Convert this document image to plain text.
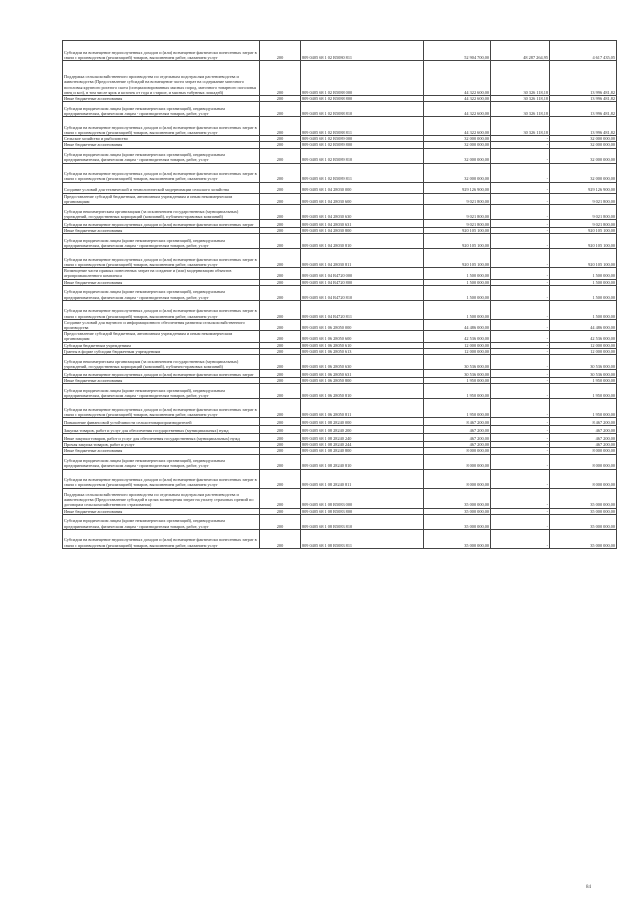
Субсидии на возмещение недополученных доходов и (или) возмещение фактически понесенных затрат в связи с производством (реализацией) товаров, выполнением работ, оказанием услуг	200	809 0405 68 1 02 R5080 811	52 904 700,00	48 287 264,95	4 617 435,05
Поддержка сельскохозяйственного производства по отдельным подотраслям растениеводства и животноводства (Предоставление субсидий на возмещение части затрат на содержание маточного поголовья крупного рогатого скота (специализированных мясных пород, маточного товарного поголовья овец и коз), в том числе ярок и козочек от года и старше, и мясных табунных лошадей)	200	809 0405 68 1 02 R5088 000	44 322 600,00	30 326 118,18	13 996 481,82
Иные бюджетные ассигнования	200	809 0405 68 1 02 R5088 800	44 322 600,00	30 326 118,18	13 996 481,82
Субсидии юридическим лицам (кроме некоммерческих организаций), индивидуальным предпринимателям, физическим лицам - производителям товаров, работ, услуг	200	809 0405 68 1 02 R5088 810	44 322 600,00	30 326 118,18	13 996 481,82
Субсидии на возмещение недополученных доходов и (или) возмещение фактически понесенных затрат в связи с производством (реализацией) товаров, выполнением работ, оказанием услуг	200	809 0405 68 1 02 R5088 811	44 322 600,00	30 326 118,18	13 996 481,82
Сельское хозяйство и рыболовство	200	809 0405 68 1 02 R5089 000	32 000 000,00	-	32 000 000,00
Иные бюджетные ассигнования	200	809 0405 68 1 02 R5089 800	32 000 000,00	-	32 000 000,00
Субсидии юридическим лицам (кроме некоммерческих организаций), индивидуальным предпринимателям, физическим лицам - производителям товаров, работ, услуг	200	809 0405 68 1 02 R5089 810	32 000 000,00	-	32 000 000,00
Субсидии на возмещение недополученных доходов и (или) возмещение фактически понесенных затрат в связи с производством (реализацией) товаров, выполнением работ, оказанием услуг	200	809 0405 68 1 02 R5089 811	32 000 000,00	-	32 000 000,00
Создание условий для технической и технологической модернизации сельского хозяйства	200	809 0405 68 1 04 28030 000	929 126 900,00	-	929 126 900,00
Предоставление субсидий бюджетным, автономным учреждениям и иным некоммерческим организациям	200	809 0405 68 1 04 28030 600	9 021 800,00	-	9 021 800,00
Субсидии некоммерческим организациям (за исключением государственных (муниципальных) учреждений, государственных корпораций (компаний), публично-правовых компаний)	200	809 0405 68 1 04 28030 630	9 021 800,00	-	9 021 800,00
Субсидии на возмещение недополученных доходов и (или) возмещение фактически понесенных затрат	200	809 0405 68 1 04 28030 631	9 021 800,00	-	9 021 800,00
Иные бюджетные ассигнования	200	809 0405 68 1 04 28030 800	920 105 100,00	-	920 105 100,00
Субсидии юридическим лицам (кроме некоммерческих организаций), индивидуальным предпринимателям, физическим лицам - производителям товаров, работ, услуг	200	809 0405 68 1 04 28030 810	920 105 100,00	-	920 105 100,00
Субсидии на возмещение недополученных доходов и (или) возмещение фактически понесенных затрат в связи с производством (реализацией) товаров, выполнением работ, оказанием услуг	200	809 0405 68 1 04 28030 811	920 105 100,00	-	920 105 100,00
Возмещение части прямых понесенных затрат на создание и (или) модернизацию объектов агропромышленного комплекса	200	809 0405 68 1 04 R4720 000	1 500 000,00	-	1 500 000,00
Иные бюджетные ассигнования	200	809 0405 68 1 04 R4720 800	1 500 000,00	-	1 500 000,00
Субсидии юридическим лицам (кроме некоммерческих организаций), индивидуальным предпринимателям, физическим лицам - производителям товаров, работ, услуг	200	809 0405 68 1 04 R4720 810	1 500 000,00	-	1 500 000,00
Субсидии на возмещение недополученных доходов и (или) возмещение фактически понесенных затрат в связи с производством (реализацией) товаров, выполнением работ, оказанием услуг	200	809 0405 68 1 04 R4720 811	1 500 000,00	-	1 500 000,00
Создание условий для научного и информационного обеспечения развития сельскохозяйственного производства	200	809 0405 68 1 06 28050 000	44 486 000,00	-	44 486 000,00
Предоставление субсидий бюджетным, автономным учреждениям и иным некоммерческим организациям	200	809 0405 68 1 06 28050 600	42 536 000,00	-	42 536 000,00
Субсидии бюджетным учреждениям	200	809 0405 68 1 06 28050 610	12 000 000,00	-	12 000 000,00
Гранты в форме субсидии бюджетным учреждениям	200	809 0405 68 1 06 28050 613	12 000 000,00	-	12 000 000,00
Субсидии некоммерческим организациям (за исключением государственных (муниципальных) учреждений, государственных корпораций (компаний), публично-правовых компаний)	200	809 0405 68 1 06 28050 630	30 536 000,00	-	30 536 000,00
Субсидии на возмещение недополученных доходов и (или) возмещение фактически понесенных затрат	200	809 0405 68 1 06 28050 631	30 536 000,00	-	30 536 000,00
Иные бюджетные ассигнования	200	809 0405 68 1 06 28050 800	1 950 000,00	-	1 950 000,00
Субсидии юридическим лицам (кроме некоммерческих организаций), индивидуальным предпринимателям, физическим лицам - производителям товаров, работ, услуг	200	809 0405 68 1 06 28050 810	1 950 000,00	-	1 950 000,00
Субсидии на возмещение недополученных доходов и (или) возмещение фактически понесенных затрат в связи с производством (реализацией) товаров, выполнением работ, оказанием услуг	200	809 0405 68 1 06 28050 811	1 950 000,00	-	1 950 000,00
Повышение финансовой устойчивости сельхозтоваропроизводителей	200	809 0405 68 1 08 28240 000	8 467 200,00	-	8 467 200,00
Закупка товаров, работ и услуг для обеспечения государственных (муниципальных) нужд	200	809 0405 68 1 08 28240 200	467 200,00	-	467 200,00
Иные закупки товаров, работ и услуг для обеспечения государственных (муниципальных) нужд	200	809 0405 68 1 08 28240 240	467 200,00	-	467 200,00
Прочая закупка товаров, работ и услуг	200	809 0405 68 1 08 28240 244	467 200,00	-	467 200,00
Иные бюджетные ассигнования	200	809 0405 68 1 08 28240 800	8 000 000,00	-	8 000 000,00
Субсидии юридическим лицам (кроме некоммерческих организаций), индивидуальным предпринимателям, физическим лицам - производителям товаров, работ, услуг	200	809 0405 68 1 08 28240 810	8 000 000,00	-	8 000 000,00
Субсидии на возмещение недополученных доходов и (или) возмещение фактически понесенных затрат в связи с производством (реализацией) товаров, выполнением работ, оказанием услуг	200	809 0405 68 1 08 28240 811	8 000 000,00	-	8 000 000,00
Поддержка сельскохозяйственного производства по отдельным подотраслям растениеводства и животноводства (Предоставление субсидий в целях возмещения затрат на уплату страховых премий по договорам сельскохозяйственного страхования)	200	809 0405 68 1 08 R5083 000	35 000 000,00	-	35 000 000,00
Иные бюджетные ассигнования	200	809 0405 68 1 08 R5083 800	35 000 000,00	-	35 000 000,00
Субсидии юридическим лицам (кроме некоммерческих организаций), индивидуальным предпринимателям, физическим лицам - производителям товаров, работ, услуг	200	809 0405 68 1 08 R5083 810	35 000 000,00	-	35 000 000,00
Субсидии на возмещение недополученных доходов и (или) возмещение фактически понесенных затрат в связи с производством (реализацией) товаров, выполнением работ, оказанием услуг	200	809 0405 68 1 08 R5083 811	35 000 000,00	-	35 000 000,00
84
